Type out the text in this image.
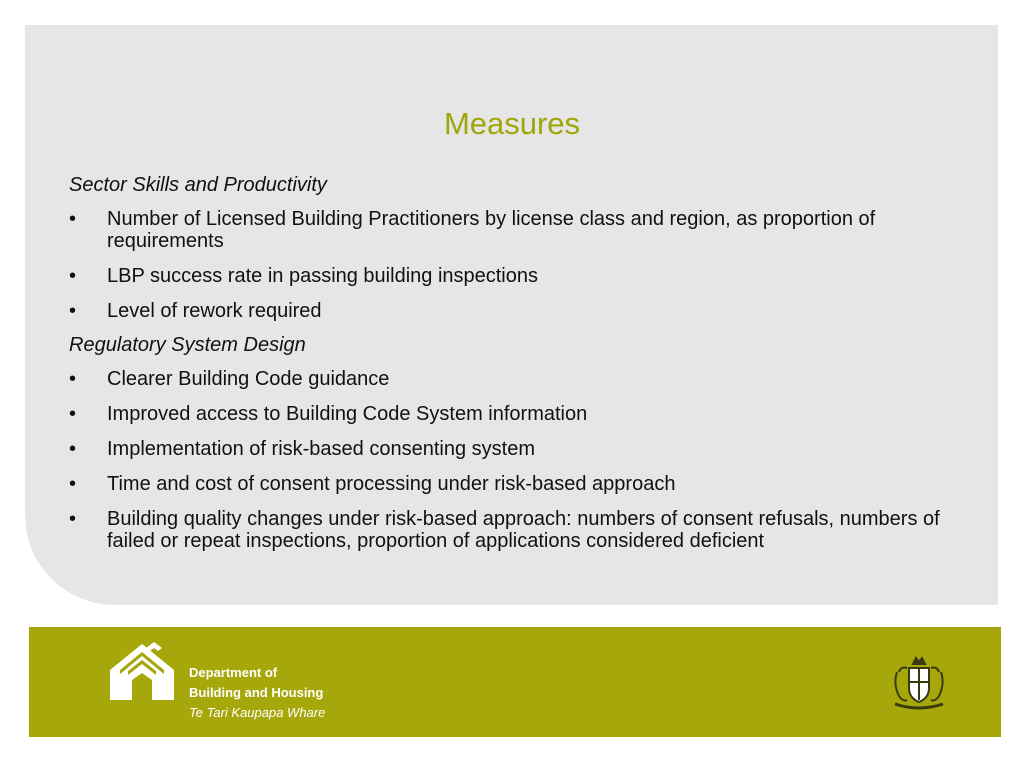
Measures

Sector Skills and Productivity

•	Number of Licensed Building Practitioners by license class and region, as proportion of requirements
•	LBP success rate in passing building inspections
•	Level of rework required

Regulatory System Design

•	Clearer Building Code guidance
•	Improved access to Building Code System information
•	Implementation of risk-based consenting system
•	Time and cost of consent processing under risk-based approach
•	Building quality changes under risk-based approach: numbers of consent refusals, numbers of failed or repeat inspections, proportion of applications considered deficient
Department of
Building and Housing
Te Tari Kaupapa Whare
